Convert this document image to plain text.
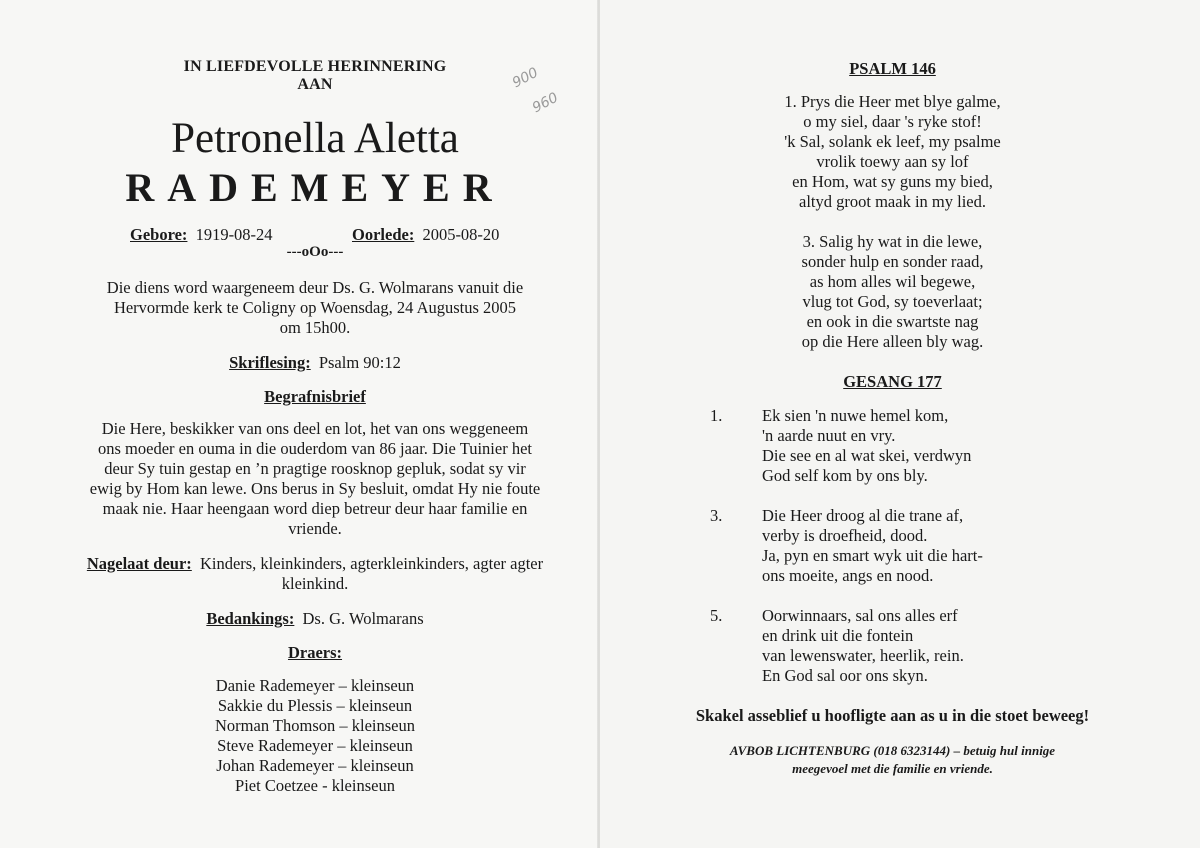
IN LIEFDEVOLLE HERINNERING
AAN	900
960
Petronella Aletta
RADEMEYER
Gebore: 1919-08-24	Oorlede: 2005-08-20
---oOo---
Die diens word waargeneem deur Ds. G. Wolmarans vanuit die
Hervormde kerk te Coligny op Woensdag, 24 Augustus 2005
om 15h00.
Skriflesing: Psalm 90:12
Begrafnisbrief
Die Here, beskikker van ons deel en lot, het van ons weggeneem
ons moeder en ouma in die ouderdom van 86 jaar. Die Tuinier het
deur Sy tuin gestap en ’n pragtige roosknop gepluk, sodat sy vir
ewig by Hom kan lewe. Ons berus in Sy besluit, omdat Hy nie foute
maak nie. Haar heengaan word diep betreur deur haar familie en
vriende.
Nagelaat deur: Kinders, kleinkinders, agterkleinkinders, agter agter
kleinkind.
Bedankings: Ds. G. Wolmarans
Draers:
Danie Rademeyer – kleinseun
Sakkie du Plessis – kleinseun
Norman Thomson – kleinseun
Steve Rademeyer – kleinseun
Johan Rademeyer – kleinseun
Piet Coetzee - kleinseun
PSALM 146
1. Prys die Heer met blye galme,
o my siel, daar 's ryke stof!
'k Sal, solank ek leef, my psalme
vrolik toewy aan sy lof
en Hom, wat sy guns my bied,
altyd groot maak in my lied.
3. Salig hy wat in die lewe,
sonder hulp en sonder raad,
as hom alles wil begewe,
vlug tot God, sy toeverlaat;
en ook in die swartste nag
op die Here alleen bly wag.
GESANG 177
1. Ek sien 'n nuwe hemel kom,
'n aarde nuut en vry.
Die see en al wat skei, verdwyn
God self kom by ons bly.
3. Die Heer droog al die trane af,
verby is droefheid, dood.
Ja, pyn en smart wyk uit die hart-
ons moeite, angs en nood.
5. Oorwinnaars, sal ons alles erf
en drink uit die fontein
van lewenswater, heerlik, rein.
En God sal oor ons skyn.
Skakel asseblief u hoofligte aan as u in die stoet beweeg!
AVBOB LICHTENBURG (018 6323144) – betuig hul innige
meegevoel met die familie en vriende.
